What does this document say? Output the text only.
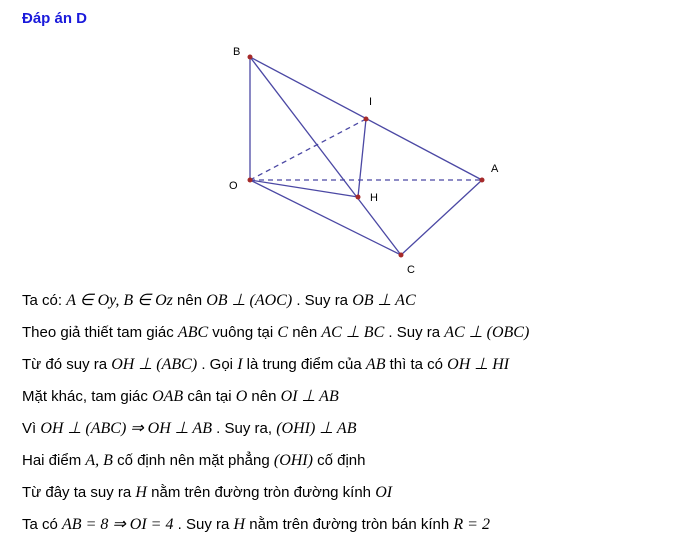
Đáp án D
B
I
O
A
H
C
Ta có: A ∈ Oy, B ∈ Oz nên OB ⊥ (AOC) . Suy ra OB ⊥ AC
Theo giả thiết tam giác ABC vuông tại C nên AC ⊥ BC . Suy ra AC ⊥ (OBC)
Từ đó suy ra OH ⊥ (ABC) . Gọi I là trung điểm của AB thì ta có OH ⊥ HI
Mặt khác, tam giác OAB cân tại O nên OI ⊥ AB
Vì OH ⊥ (ABC) ⇒ OH ⊥ AB . Suy ra, (OHI) ⊥ AB
Hai điểm A, B cố định nên mặt phẳng (OHI) cố định
Từ đây ta suy ra H nằm trên đường tròn đường kính OI
Ta có AB = 8 ⇒ OI = 4 . Suy ra H nằm trên đường tròn bán kính R = 2
